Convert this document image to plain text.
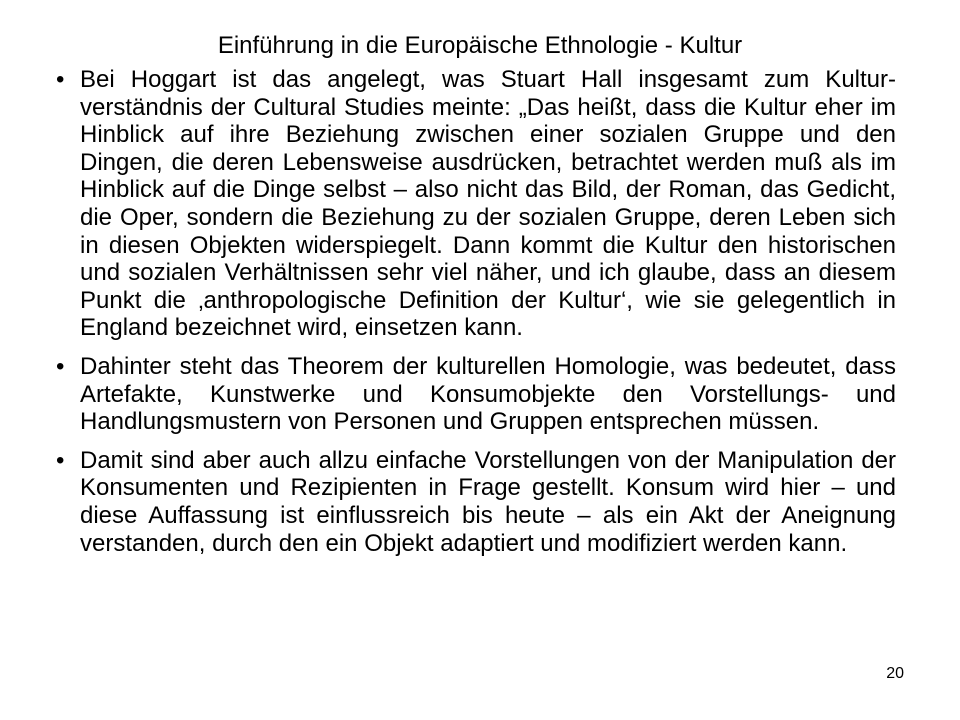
Einführung in die Europäische Ethnologie - Kultur
• Bei Hoggart ist das angelegt, was Stuart Hall insgesamt zum Kulturverständnis der Cultural Studies meinte: „Das heißt, dass die Kultur eher im Hinblick auf ihre Beziehung zwischen einer sozialen Gruppe und den Dingen, die deren Lebensweise ausdrücken, betrachtet werden muß als im Hinblick auf die Dinge selbst – also nicht das Bild, der Roman, das Gedicht, die Oper, sondern die Beziehung zu der sozialen Gruppe, deren Leben sich in diesen Objekten widerspiegelt. Dann kommt die Kultur den historischen und sozialen Verhältnissen sehr viel näher, und ich glaube, dass an diesem Punkt die ‚anthropologische Definition der Kultur‘, wie sie gelegentlich in England bezeichnet wird, einsetzen kann.
• Dahinter steht das Theorem der kulturellen Homologie, was bedeutet, dass Artefakte, Kunstwerke und Konsumobjekte den Vorstellungs- und Handlungsmustern von Personen und Gruppen entsprechen müssen.
• Damit sind aber auch allzu einfache Vorstellungen von der Manipulation der Konsumenten und Rezipienten in Frage gestellt. Konsum wird hier – und diese Auffassung ist einflussreich bis heute – als ein Akt der Aneignung verstanden, durch den ein Objekt adaptiert und modifiziert werden kann.
20
